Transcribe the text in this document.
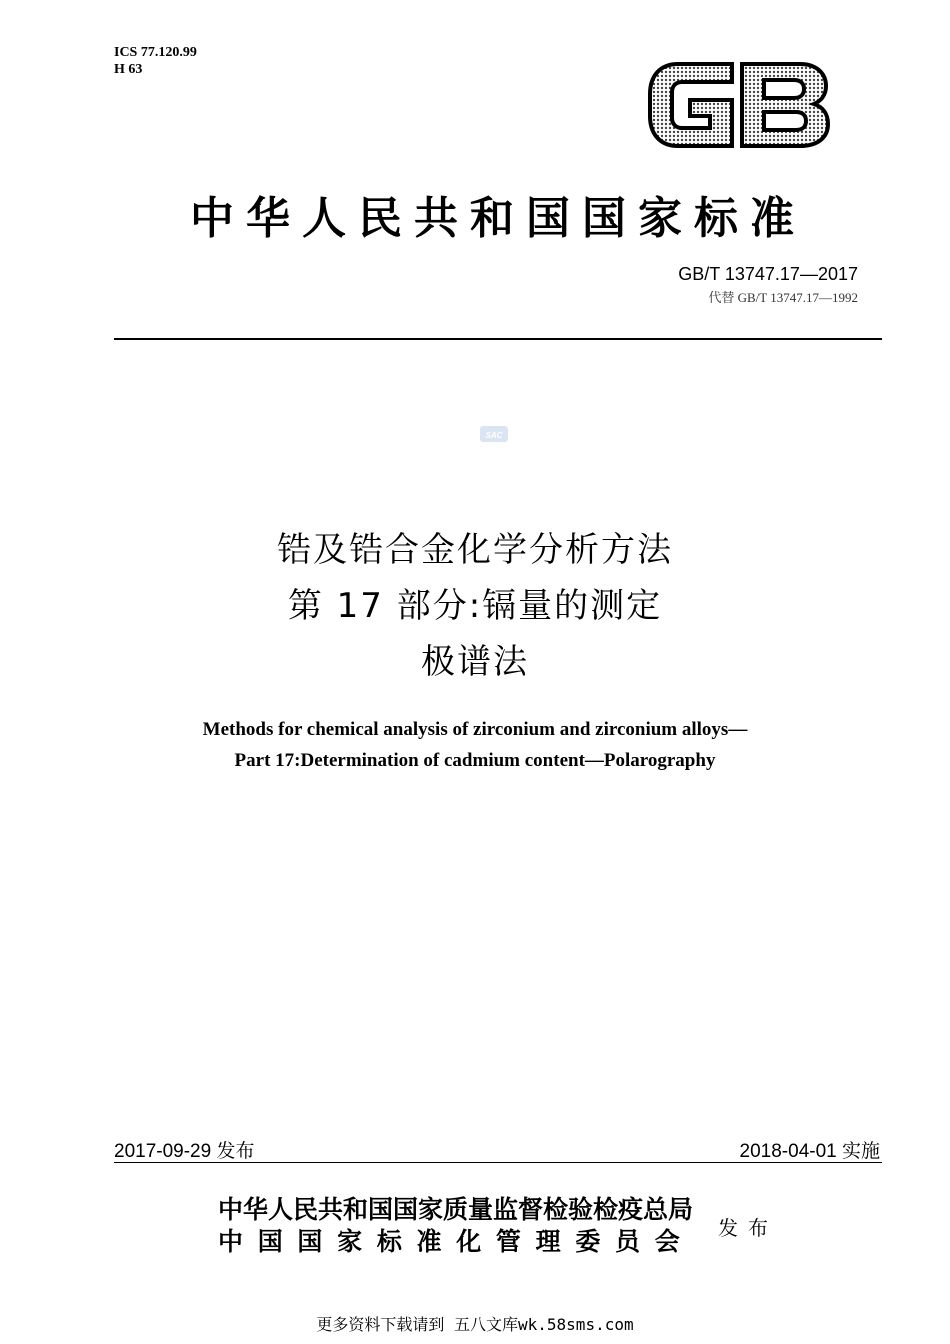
ICS 77.120.99
H 63
中华人民共和国国家标准
GB/T 13747.17—2017
代替 GB/T 13747.17—1992
SAC
锆及锆合金化学分析方法
第 17 部分:镉量的测定
极谱法
Methods for chemical analysis of zirconium and zirconium alloys—
Part 17:Determination of cadmium content—Polarography
2017-09-29 发布	2018-04-01 实施
中华人民共和国国家质量监督检验检疫总局
中 国 国 家 标 准 化 管 理 委 员 会 发布
更多资料下载请到 五八文库wk.58sms.com
